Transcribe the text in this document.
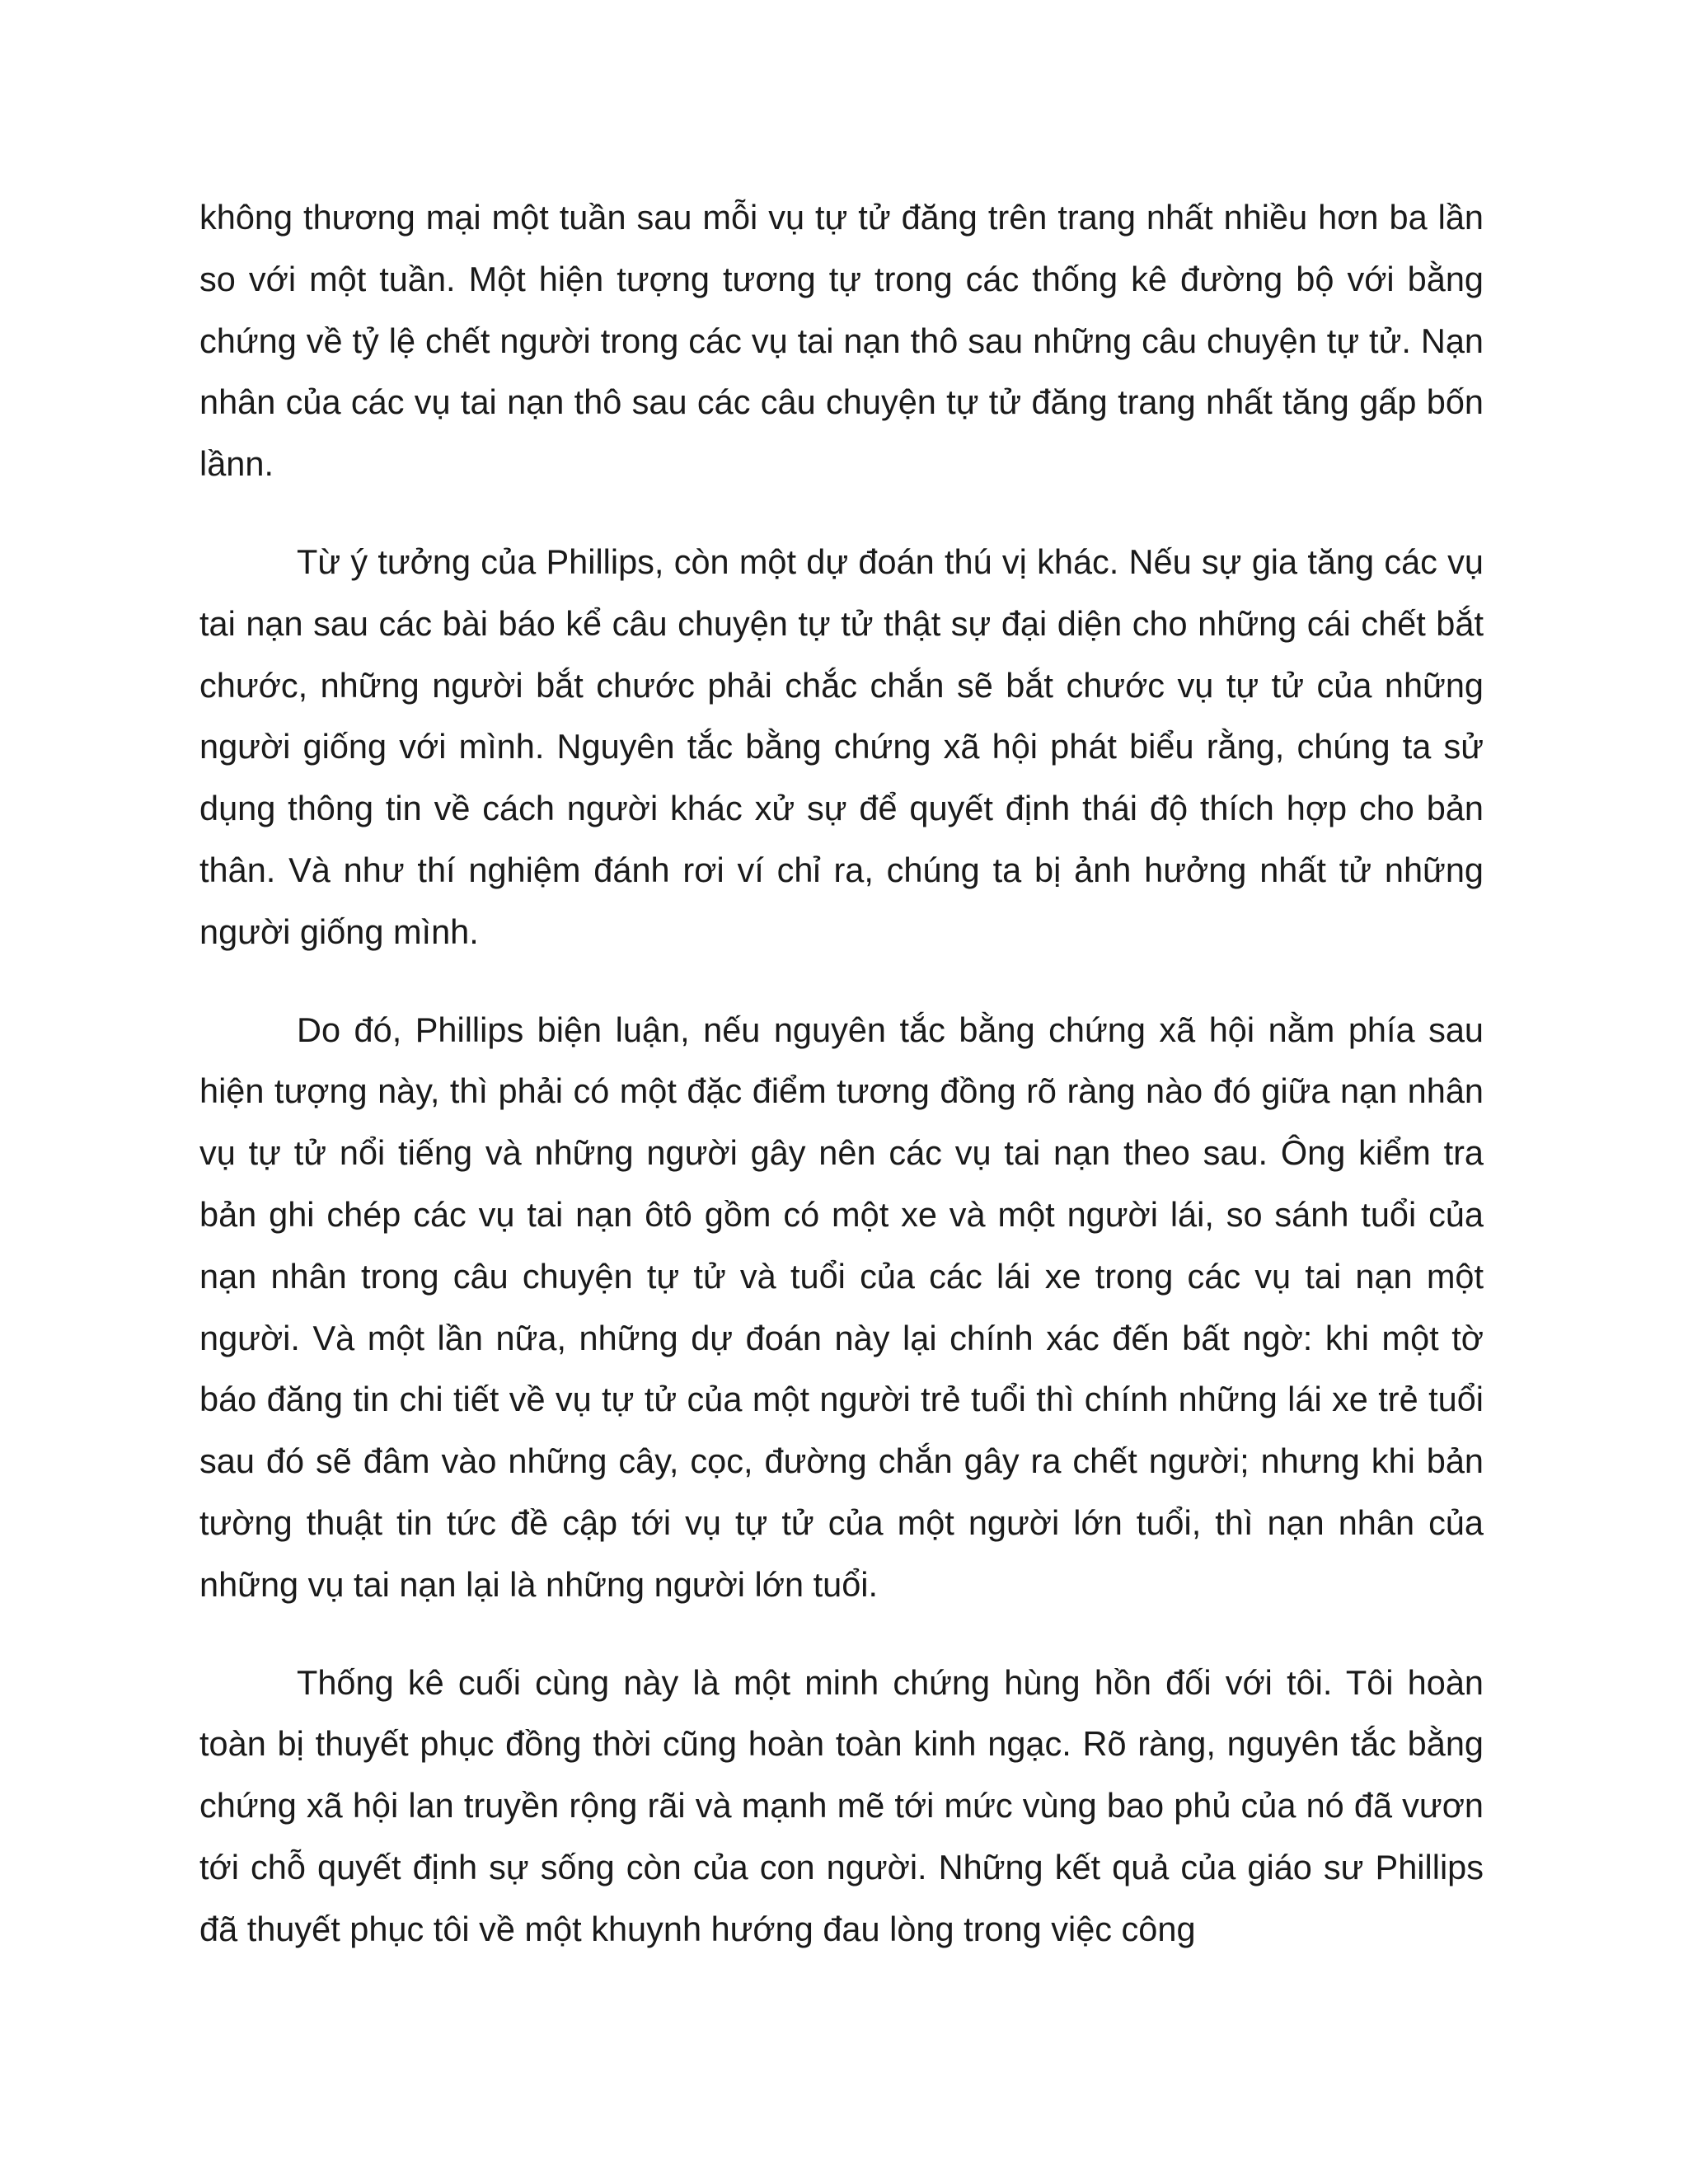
không thương mại một tuần sau mỗi vụ tự tử đăng trên trang nhất nhiều hơn ba lần so với một tuần. Một hiện tượng tương tự trong các thống kê đường bộ với bằng chứng về tỷ lệ chết người trong các vụ tai nạn thô sau những câu chuyện tự tử. Nạn nhân của các vụ tai nạn thô sau các câu chuyện tự tử đăng trang nhất tăng gấp bốn lầnn.

Từ ý tưởng của Phillips, còn một dự đoán thú vị khác. Nếu sự gia tăng các vụ tai nạn sau các bài báo kể câu chuyện tự tử thật sự đại diện cho những cái chết bắt chước, những người bắt chước phải chắc chắn sẽ bắt chước vụ tự tử của những người giống với mình. Nguyên tắc bằng chứng xã hội phát biểu rằng, chúng ta sử dụng thông tin về cách người khác xử sự để quyết định thái độ thích hợp cho bản thân. Và như thí nghiệm đánh rơi ví chỉ ra, chúng ta bị ảnh hưởng nhất tử những người giống mình.

Do đó, Phillips biện luận, nếu nguyên tắc bằng chứng xã hội nằm phía sau hiện tượng này, thì phải có một đặc điểm tương đồng rõ ràng nào đó giữa nạn nhân vụ tự tử nổi tiếng và những người gây nên các vụ tai nạn theo sau. Ông kiểm tra bản ghi chép các vụ tai nạn ôtô gồm có một xe và một người lái, so sánh tuổi của nạn nhân trong câu chuyện tự tử và tuổi của các lái xe trong các vụ tai nạn một người. Và một lần nữa, những dự đoán này lại chính xác đến bất ngờ: khi một tờ báo đăng tin chi tiết về vụ tự tử của một người trẻ tuổi thì chính những lái xe trẻ tuổi sau đó sẽ đâm vào những cây, cọc, đường chắn gây ra chết người; nhưng khi bản tường thuật tin tức đề cập tới vụ tự tử của một người lớn tuổi, thì nạn nhân của những vụ tai nạn lại là những người lớn tuổi.

Thống kê cuối cùng này là một minh chứng hùng hồn đối với tôi. Tôi hoàn toàn bị thuyết phục đồng thời cũng hoàn toàn kinh ngạc. Rõ ràng, nguyên tắc bằng chứng xã hội lan truyền rộng rãi và mạnh mẽ tới mức vùng bao phủ của nó đã vươn tới chỗ quyết định sự sống còn của con người. Những kết quả của giáo sư Phillips đã thuyết phục tôi về một khuynh hướng đau lòng trong việc công
